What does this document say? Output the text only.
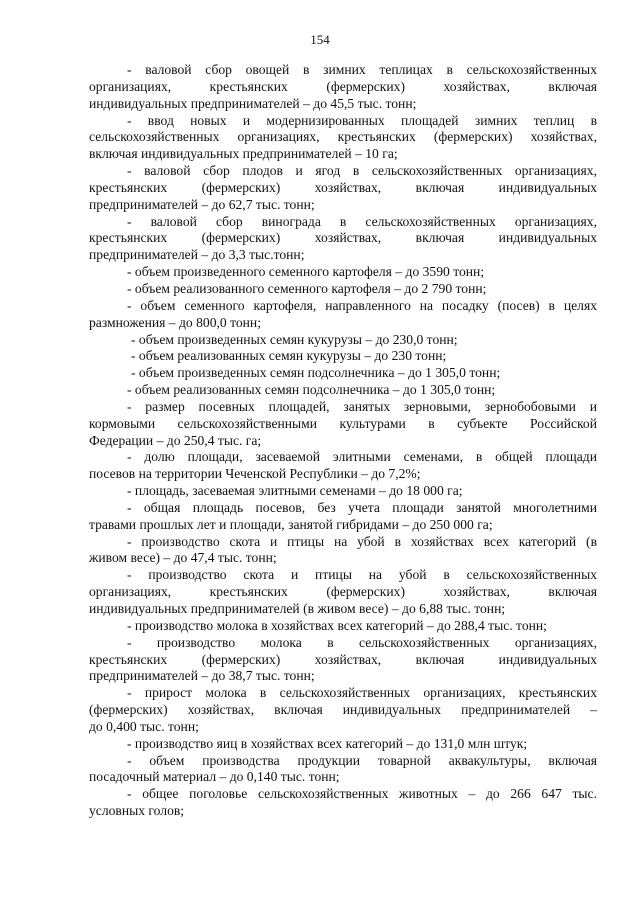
154
- валовой сбор овощей в зимних теплицах в сельскохозяйственных
организациях, крестьянских (фермерских) хозяйствах, включая
индивидуальных предпринимателей – до 45,5 тыс. тонн;
- ввод новых и модернизированных площадей зимних теплиц в
сельскохозяйственных организациях, крестьянских (фермерских) хозяйствах,
включая индивидуальных предпринимателей – 10 га;
- валовой сбор плодов и ягод в сельскохозяйственных организациях,
крестьянских (фермерских) хозяйствах, включая индивидуальных
предпринимателей – до 62,7 тыс. тонн;
- валовой сбор винограда в сельскохозяйственных организациях,
крестьянских (фермерских) хозяйствах, включая индивидуальных
предпринимателей – до 3,3 тыс.тонн;
- объем произведенного семенного картофеля – до 3590 тонн;
- объем реализованного семенного картофеля – до 2 790 тонн;
- объем семенного картофеля, направленного на посадку (посев) в целях
размножения – до 800,0 тонн;
- объем произведенных семян кукурузы – до 230,0 тонн;
- объем реализованных семян кукурузы – до 230 тонн;
- объем произведенных семян подсолнечника – до 1 305,0 тонн;
- объем реализованных семян подсолнечника – до 1 305,0 тонн;
- размер посевных площадей, занятых зерновыми, зернобобовыми и
кормовыми сельскохозяйственными культурами в субъекте Российской
Федерации – до 250,4 тыс. га;
- долю площади, засеваемой элитными семенами, в общей площади
посевов на территории Чеченской Республики – до 7,2%;
- площадь, засеваемая элитными семенами – до 18 000 га;
- общая площадь посевов, без учета площади занятой многолетними
травами прошлых лет и площади, занятой гибридами – до 250 000 га;
- производство скота и птицы на убой в хозяйствах всех категорий (в
живом весе) – до 47,4 тыс. тонн;
- производство скота и птицы на убой в сельскохозяйственных
организациях, крестьянских (фермерских) хозяйствах, включая
индивидуальных предпринимателей (в живом весе) – до 6,88 тыс. тонн;
- производство молока в хозяйствах всех категорий – до 288,4 тыс. тонн;
- производство молока в сельскохозяйственных организациях,
крестьянских (фермерских) хозяйствах, включая индивидуальных
предпринимателей – до 38,7 тыс. тонн;
- прирост молока в сельскохозяйственных организациях, крестьянских
(фермерских) хозяйствах, включая индивидуальных предпринимателей –
до 0,400 тыс. тонн;
- производство яиц в хозяйствах всех категорий – до 131,0 млн штук;
- объем производства продукции товарной аквакультуры, включая
посадочный материал – до 0,140 тыс. тонн;
- общее поголовье сельскохозяйственных животных – до 266 647 тыс.
условных голов;
